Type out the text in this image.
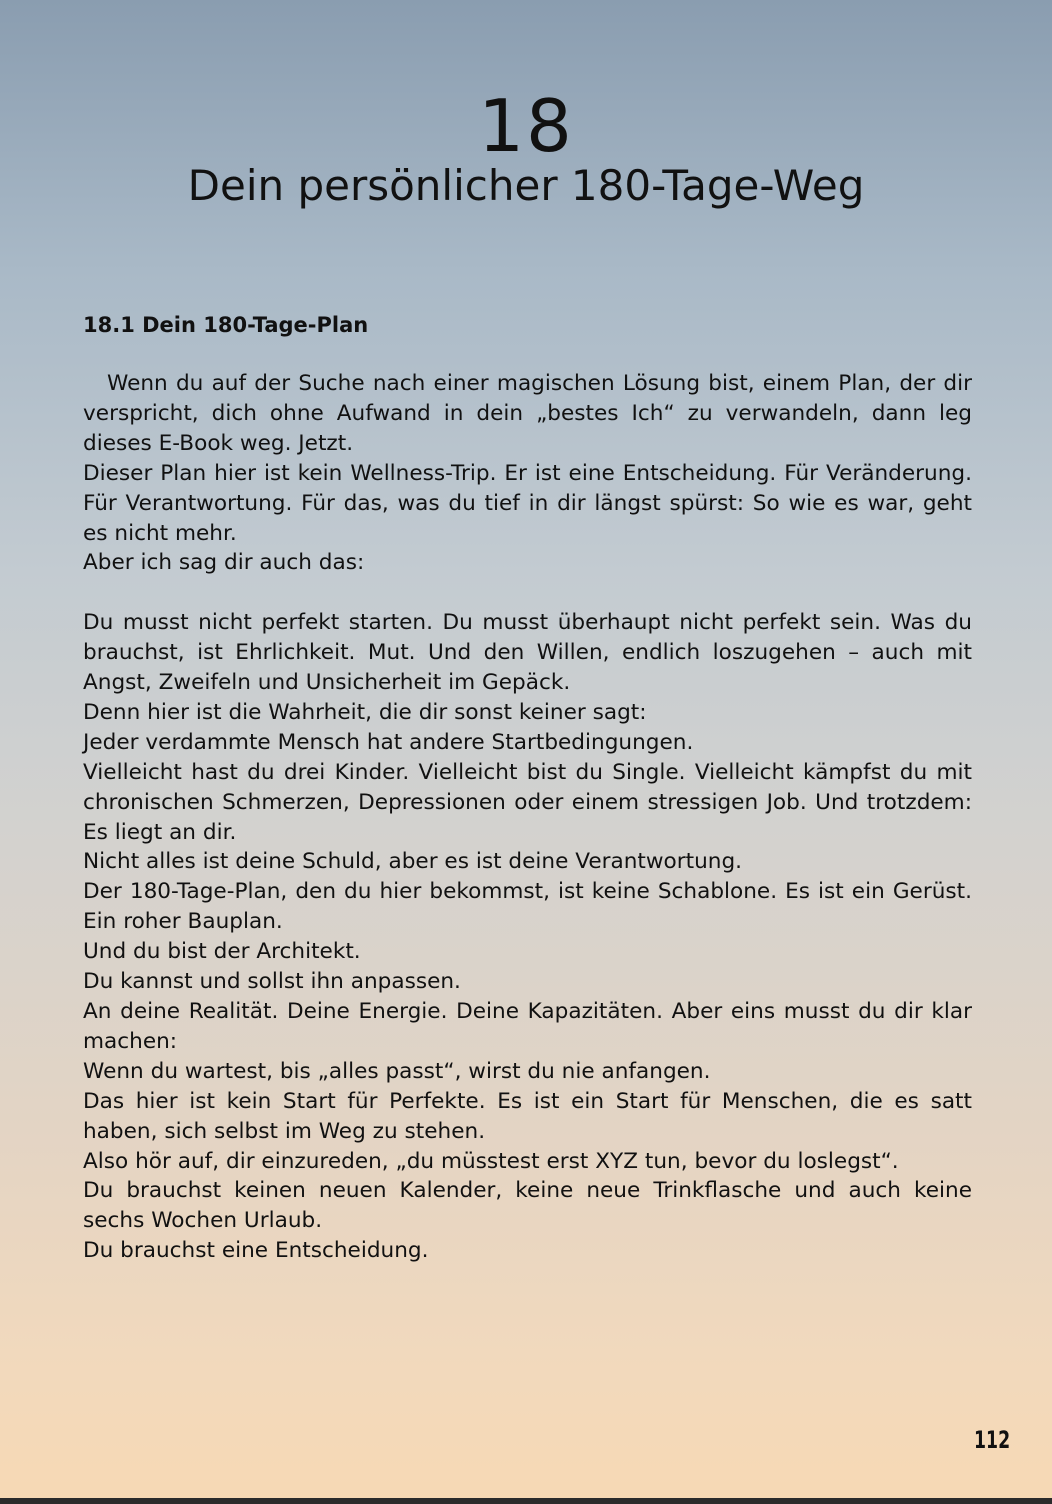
18
Dein persönlicher 180-Tage-Weg
18.1 Dein 180-Tage-Plan

Wenn du auf der Suche nach einer magischen Lösung bist, einem Plan, der dir verspricht, dich ohne Aufwand in dein „bestes Ich“ zu verwandeln, dann leg dieses E-Book weg. Jetzt.

Dieser Plan hier ist kein Wellness-Trip. Er ist eine Entscheidung. Für Veränderung. Für Verantwortung. Für das, was du tief in dir längst spürst: So wie es war, geht es nicht mehr.

Aber ich sag dir auch das:

Du musst nicht perfekt starten. Du musst überhaupt nicht perfekt sein. Was du brauchst, ist Ehrlichkeit. Mut. Und den Willen, endlich loszugehen – auch mit Angst, Zweifeln und Unsicherheit im Gepäck.

Denn hier ist die Wahrheit, die dir sonst keiner sagt:

Jeder verdammte Mensch hat andere Startbedingungen.

Vielleicht hast du drei Kinder. Vielleicht bist du Single. Vielleicht kämpfst du mit chronischen Schmerzen, Depressionen oder einem stressigen Job. Und trotzdem: Es liegt an dir.

Nicht alles ist deine Schuld, aber es ist deine Verantwortung.

Der 180-Tage-Plan, den du hier bekommst, ist keine Schablone. Es ist ein Gerüst. Ein roher Bauplan.

Und du bist der Architekt.

Du kannst und sollst ihn anpassen.

An deine Realität. Deine Energie. Deine Kapazitäten. Aber eins musst du dir klar machen:

Wenn du wartest, bis „alles passt“, wirst du nie anfangen.

Das hier ist kein Start für Perfekte. Es ist ein Start für Menschen, die es satt haben, sich selbst im Weg zu stehen.

Also hör auf, dir einzureden, „du müsstest erst XYZ tun, bevor du loslegst“.

Du brauchst keinen neuen Kalender, keine neue Trinkflasche und auch keine sechs Wochen Urlaub.

Du brauchst eine Entscheidung.

112
